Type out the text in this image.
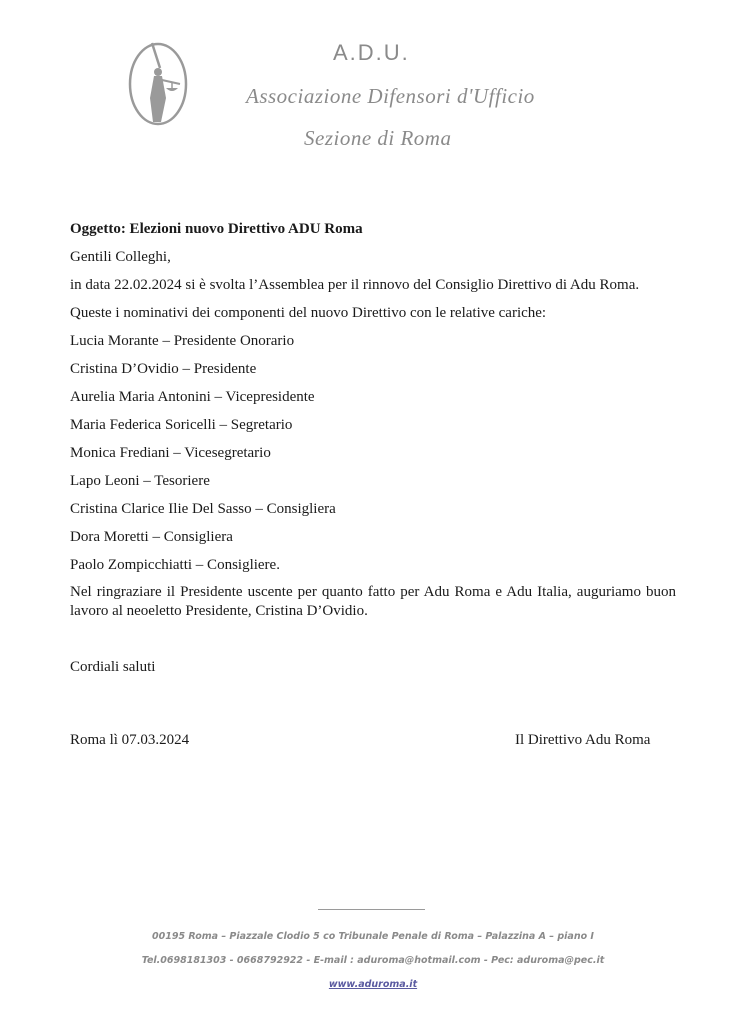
A.D.U.
Associazione Difensori d'Ufficio
Sezione di Roma
Oggetto: Elezioni nuovo Direttivo ADU Roma
Gentili Colleghi,
in data 22.02.2024 si è svolta l’Assemblea per il rinnovo del Consiglio Direttivo di Adu Roma.
Queste i nominativi dei componenti del nuovo Direttivo con le relative cariche:
Lucia Morante – Presidente Onorario
Cristina D’Ovidio – Presidente
Aurelia Maria Antonini – Vicepresidente
Maria Federica Soricelli – Segretario
Monica Frediani – Vicesegretario
Lapo Leoni – Tesoriere
Cristina Clarice Ilie Del Sasso – Consigliera
Dora Moretti – Consigliera
Paolo Zompicchiatti – Consigliere.
Nel ringraziare il Presidente uscente per quanto fatto per Adu Roma e Adu Italia, auguriamo buon lavoro al neoeletto Presidente, Cristina D’Ovidio.
Cordiali saluti
Roma lì 07.03.2024	Il Direttivo Adu Roma
00195 Roma – Piazzale Clodio 5 co Tribunale Penale di Roma – Palazzina A – piano I
Tel.0698181303 - 0668792922 - E-mail : aduroma@hotmail.com - Pec: aduroma@pec.it
www.aduroma.it
